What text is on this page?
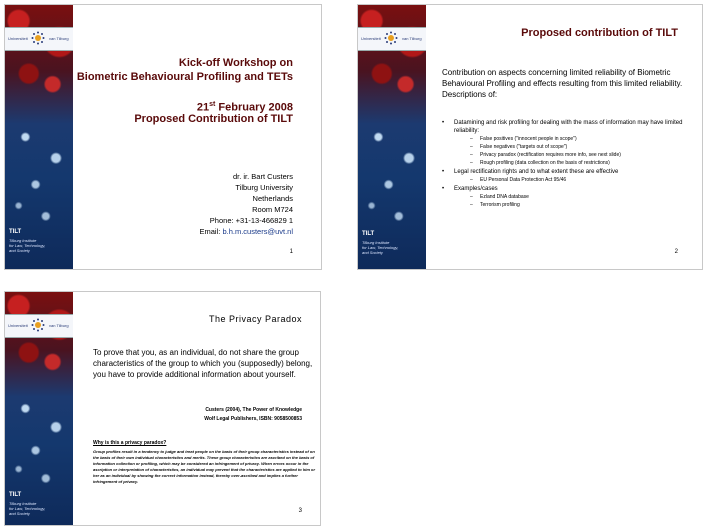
Universiteit	van Tilburg
TILT
Tilburg Institute
for Law, Technology,
and Society
Kick-off Workshop on
Biometric Behavioural Profiling and TETs
21st February 2008
Proposed Contribution of TILT
dr. ir. Bart Custers
Tilburg University
Netherlands
Room M724
Phone: +31-13-466829 1
Email: b.h.m.custers@uvt.nl
1
Universiteit	van Tilburg
TILT
Tilburg Institute
for Law, Technology,
and Society
Proposed contribution of TILT
Contribution on aspects concerning limited reliability of Biometric Behavioural Profiling and effects resulting from this limited reliability. Descriptions of:
• Datamining and risk profiling for dealing with the mass of information may have limited reliability:
– False positives ("innocent people in scope")
– False negatives ("targets out of scope")
– Privacy paradox (rectification requires more info, see next slide)
– Rough profiling (data collection on the basis of restrictions)
• Legal rectification rights and to what extent these are effective
– EU Personal Data Protection Act 95/46
• Examples/cases
– Ezland DNA database
– Terrorism profiling
2
Universiteit	van Tilburg
TILT
Tilburg Institute
for Law, Technology,
and Society
The Privacy Paradox
To prove that you, as an individual, do not share the group characteristics of the group to which you (supposedly) belong, you have to provide additional information about yourself.
Custers (2004), The Power of Knowledge
Wolf Legal Publishers, ISBN: 9058500853
Why is this a privacy paradox?
Group profiles result in a tendency to judge and treat people on the basis of their group characteristics instead of on the basis of their own individual characteristics and merits. These group characteristics are ascribed on the basis of information collection or profiling, which may be considered an infringement of privacy. When errors occur in the ascription or interpretation of characteristics, an individual may prevent that the characteristics are applied to him or her as an individual by showing the correct information instead, thereby over-ascribed and implies a further infringement of privacy.
3
